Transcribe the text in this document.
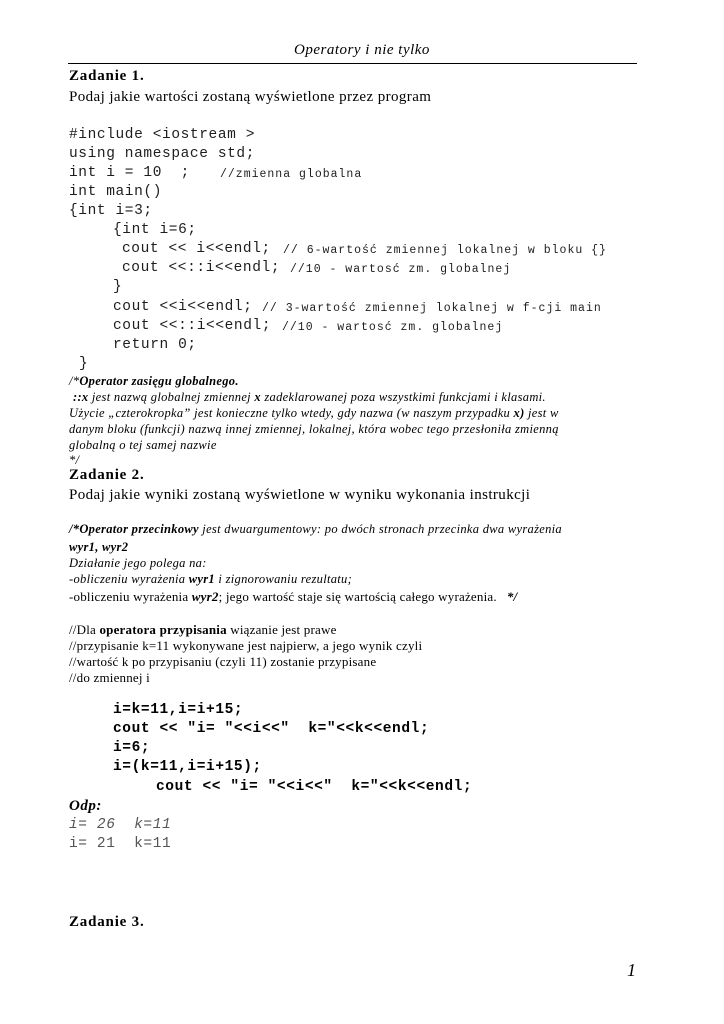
Operatory i nie tylko
Zadanie 1.
Podaj jakie wartości zostaną wyświetlone przez program
#include <iostream >
using namespace std;
int i = 10  ;	//zmienna globalna
int main()
{int i=3;
{int i=6;
cout << i<<endl; // 6-wartość zmiennej lokalnej w bloku {}
cout <<::i<<endl; //10 - wartosć zm. globalnej
}
cout <<i<<endl; // 3-wartość zmiennej lokalnej w f-cji main
cout <<::i<<endl; //10 - wartosć zm. globalnej
return 0;
}
/*Operator zasięgu globalnego.
::x jest nazwą globalnej zmiennej x zadeklarowanej poza wszystkimi funkcjami i klasami.
Użycie „czterokropka” jest konieczne tylko wtedy, gdy nazwa (w naszym przypadku x) jest w
danym bloku (funkcji) nazwą innej zmiennej, lokalnej, która wobec tego przesłoniła zmienną
globalną o tej samej nazwie
*/
Zadanie 2.
Podaj jakie wyniki zostaną wyświetlone w wyniku wykonania instrukcji
/*Operator przecinkowy jest dwuargumentowy: po dwóch stronach przecinka dwa wyrażenia
wyr1, wyr2
Działanie jego polega na:
-obliczeniu wyrażenia wyr1 i zignorowaniu rezultatu;
-obliczeniu wyrażenia wyr2; jego wartość staje się wartością całego wyrażenia. */
//Dla operatora przypisania wiązanie jest prawe
//przypisanie k=11 wykonywane jest najpierw, a jego wynik czyli
//wartość k po przypisaniu (czyli 11) zostanie przypisane
//do zmiennej i
i=k=11,i=i+15;
cout << "i= "<<i<<"  k="<<k<<endl;
i=6;
i=(k=11,i=i+15);
cout << "i= "<<i<<"  k="<<k<<endl;
Odp:
i= 26  k=11
i= 21  k=11
Zadanie 3.
1
